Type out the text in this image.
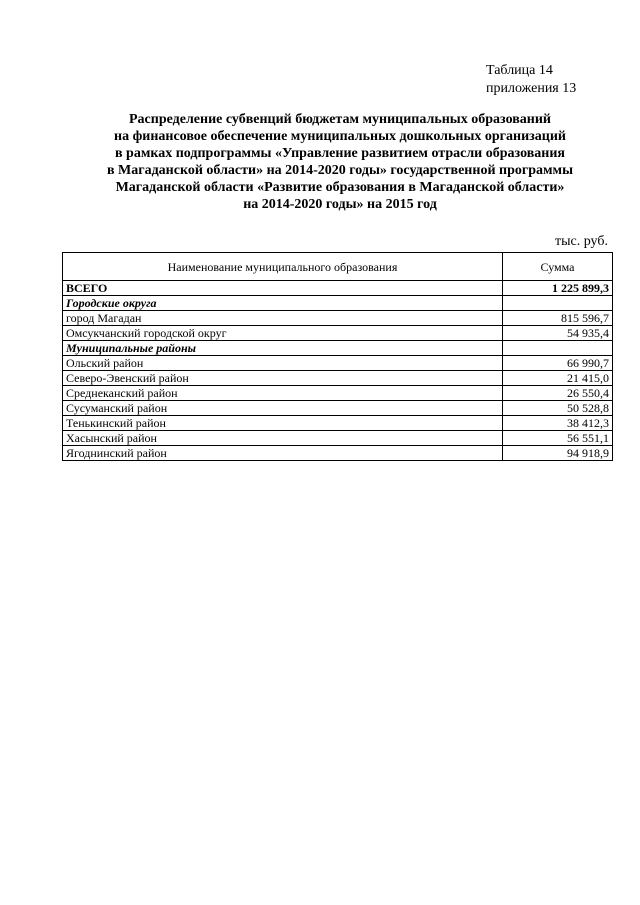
Таблица 14
приложения 13
Распределение субвенций бюджетам муниципальных образований
на финансовое обеспечение муниципальных дошкольных организаций
в рамках подпрограммы «Управление развитием отрасли образования
в Магаданской области» на 2014-2020 годы» государственной программы
Магаданской области «Развитие образования в Магаданской области»
на 2014-2020 годы» на 2015 год
тыс. руб.
Наименование муниципального образования	Сумма
ВСЕГО	1 225 899,3
Городские округа	
город Магадан	815 596,7
Омсукчанский городской округ	54 935,4
Муниципальные районы	
Ольский район	66 990,7
Северо-Эвенский район	21 415,0
Среднеканский район	26 550,4
Сусуманский район	50 528,8
Тенькинский район	38 412,3
Хасынский район	56 551,1
Ягоднинский район	94 918,9
